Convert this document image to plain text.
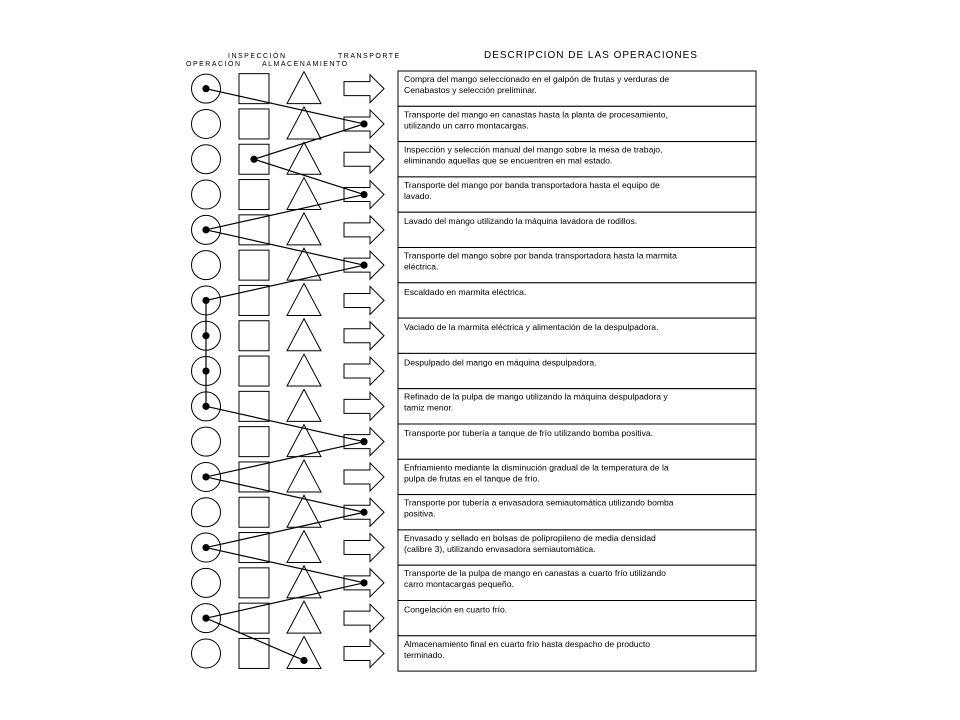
INSPECCIÓN
OPERACIÓN	ALMACENAMIENTO
TRANSPORTE	DESCRIPCION DE LAS OPERACIONES
Compra del mango seleccionado en el galpón de frutas y verduras de
Cenabastos y selección preliminar.
Transporte del mango en canastas hasta la planta de procesamiento,
utilizando un carro montacargas.
Inspección y selección manual del mango sobre la mesa de trabajo,
eliminando aquellas que se encuentren en mal estado.
Transporte del mango por banda transportadora hasta el equipo de
lavado.
Lavado del mango utilizando la máquina lavadora de rodillos.
Transporte del mango sobre por banda transportadora hasta la marmita
eléctrica.
Escaldado en marmita eléctrica.
Vaciado de la marmita eléctrica y alimentación de la despulpadora.
Despulpado del mango en máquina despulpadora.
Refinado de la pulpa de mango utilizando la máquina despulpadora y
tamiz menor.
Transporte por tubería a tanque de frío utilizando bomba positiva.
Enfriamiento mediante la disminución gradual de la temperatura de la
pulpa de frutas en el tanque de frío.
Transporte por tubería a envasadora semiautomática utilizando bomba
positiva.
Envasado y sellado en bolsas de polipropileno de media densidad
(calibre 3), utilizando envasadora semiautomática.
Transporte de la pulpa de mango en canastas a cuarto frío utilizando
carro montacargas pequeño.
Congelación en cuarto frío.
Almacenamiento final en cuarto frío hasta despacho de producto
terminado.
